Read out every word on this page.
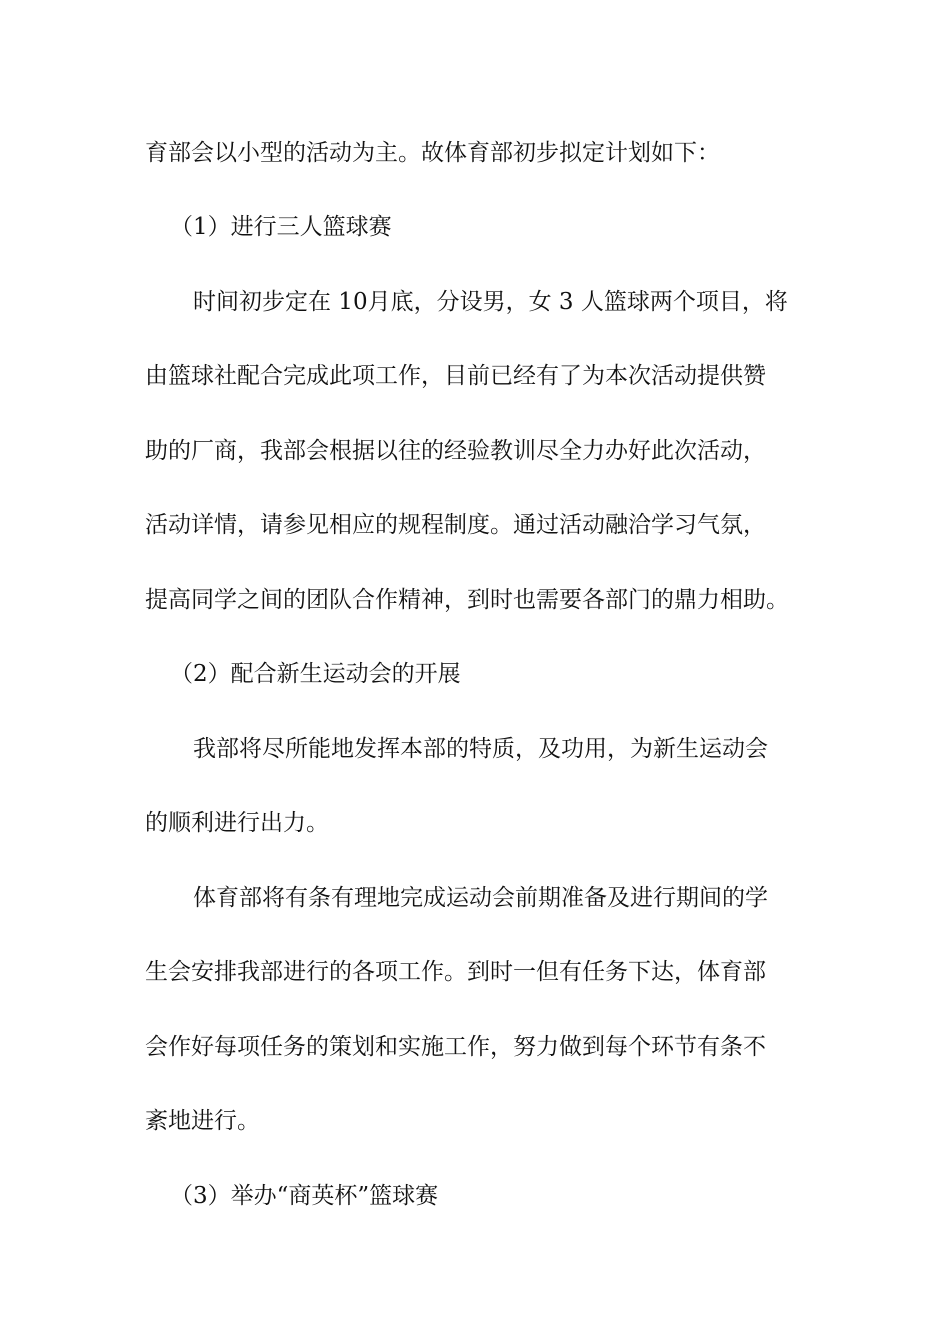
育部会以小型的活动为主。故体育部初步拟定计划如下：
（1）进行三人篮球赛
时间初步定在 10月底，分设男，女 3 人篮球两个项目，将
由篮球社配合完成此项工作，目前已经有了为本次活动提供赞
助的厂商，我部会根据以往的经验教训尽全力办好此次活动，
活动详情，请参见相应的规程制度。通过活动融洽学习气氛，
提高同学之间的团队合作精神，到时也需要各部门的鼎力相助。
（2）配合新生运动会的开展
我部将尽所能地发挥本部的特质，及功用，为新生运动会
的顺利进行出力。
体育部将有条有理地完成运动会前期准备及进行期间的学
生会安排我部进行的各项工作。到时一但有任务下达，体育部
会作好每项任务的策划和实施工作，努力做到每个环节有条不
紊地进行。
（3）举办“商英杯”篮球赛
